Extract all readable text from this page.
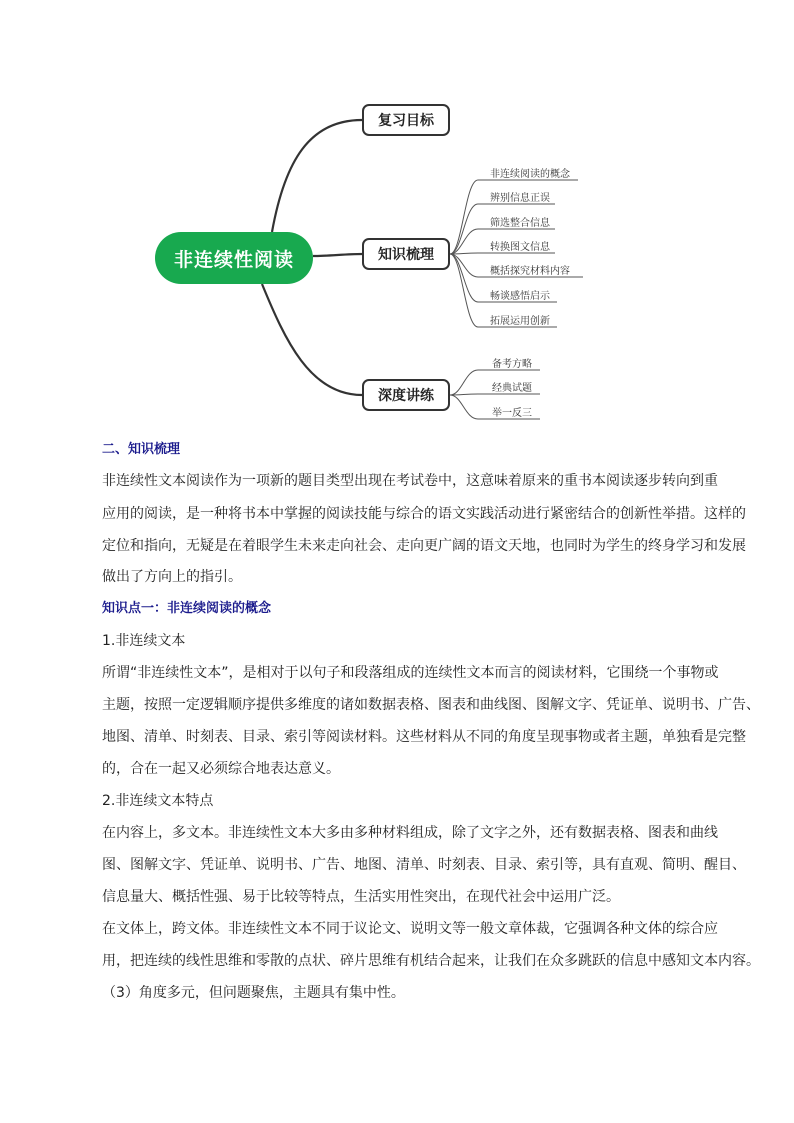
非连续性阅读
复习目标
知识梳理
深度讲练
非连续阅读的概念
辨别信息正误
筛选整合信息
转换图文信息
概括探究材料内容
畅谈感悟启示
拓展运用创新
备考方略
经典试题
举一反三
二、知识梳理
非连续性文本阅读作为一项新的题目类型出现在考试卷中，这意味着原来的重书本阅读逐步转向到重
应用的阅读，是一种将书本中掌握的阅读技能与综合的语文实践活动进行紧密结合的创新性举措。这样的
定位和指向，无疑是在着眼学生未来走向社会、走向更广阔的语文天地，也同时为学生的终身学习和发展
做出了方向上的指引。
知识点一：非连续阅读的概念
1.非连续文本
所谓“非连续性文本”，是相对于以句子和段落组成的连续性文本而言的阅读材料，它围绕一个事物或
主题，按照一定逻辑顺序提供多维度的诸如数据表格、图表和曲线图、图解文字、凭证单、说明书、广告、
地图、清单、时刻表、目录、索引等阅读材料。这些材料从不同的角度呈现事物或者主题，单独看是完整
的，合在一起又必须综合地表达意义。
2.非连续文本特点
在内容上，多文本。非连续性文本大多由多种材料组成，除了文字之外，还有数据表格、图表和曲线
图、图解文字、凭证单、说明书、广告、地图、清单、时刻表、目录、索引等，具有直观、简明、醒目、
信息量大、概括性强、易于比较等特点，生活实用性突出，在现代社会中运用广泛。
在文体上，跨文体。非连续性文本不同于议论文、说明文等一般文章体裁，它强调各种文体的综合应
用，把连续的线性思维和零散的点状、碎片思维有机结合起来，让我们在众多跳跃的信息中感知文本内容。
（3）角度多元，但问题聚焦，主题具有集中性。
